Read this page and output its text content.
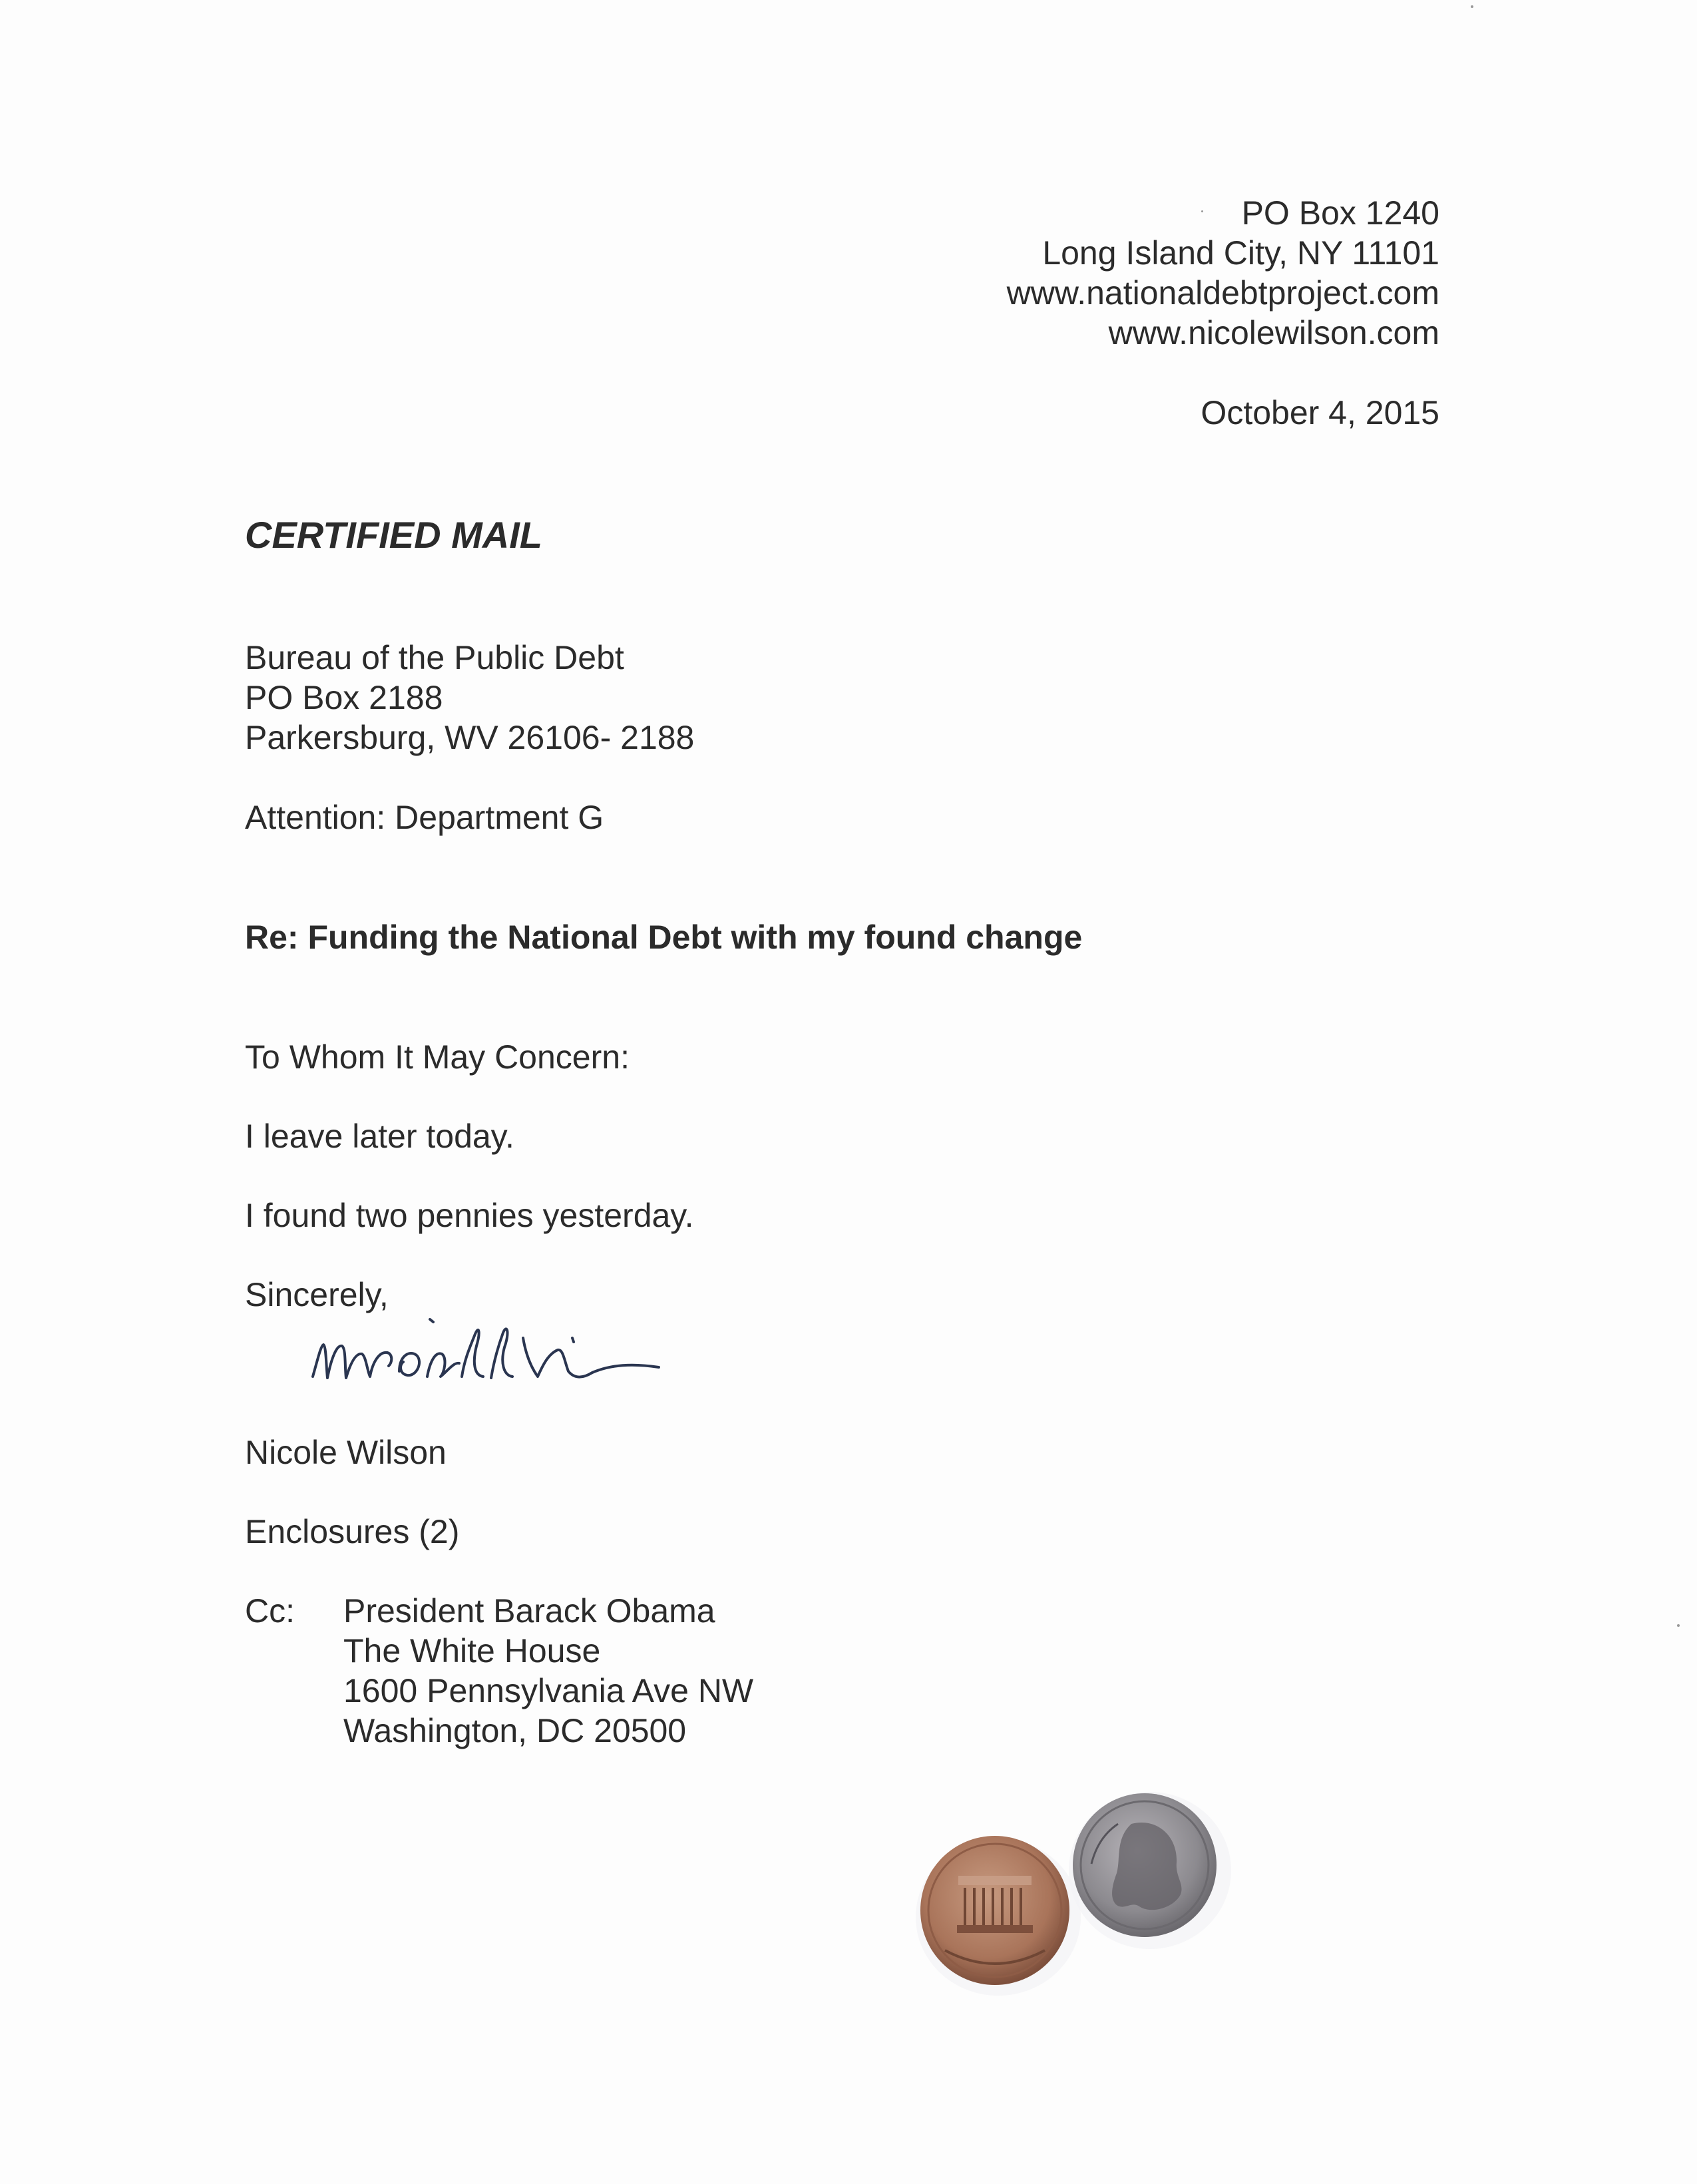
PO Box 1240
Long Island City, NY 11101
www.nationaldebtproject.com
www.nicolewilson.com
October 4, 2015
CERTIFIED MAIL
Bureau of the Public Debt
PO Box 2188
Parkersburg, WV 26106- 2188
Attention: Department G
Re: Funding the National Debt with my found change
To Whom It May Concern:
I leave later today.
I found two pennies yesterday.
Sincerely,
Nicole Wilson
Enclosures (2)
Cc: President Barack Obama
The White House
1600 Pennsylvania Ave NW
Washington, DC 20500
